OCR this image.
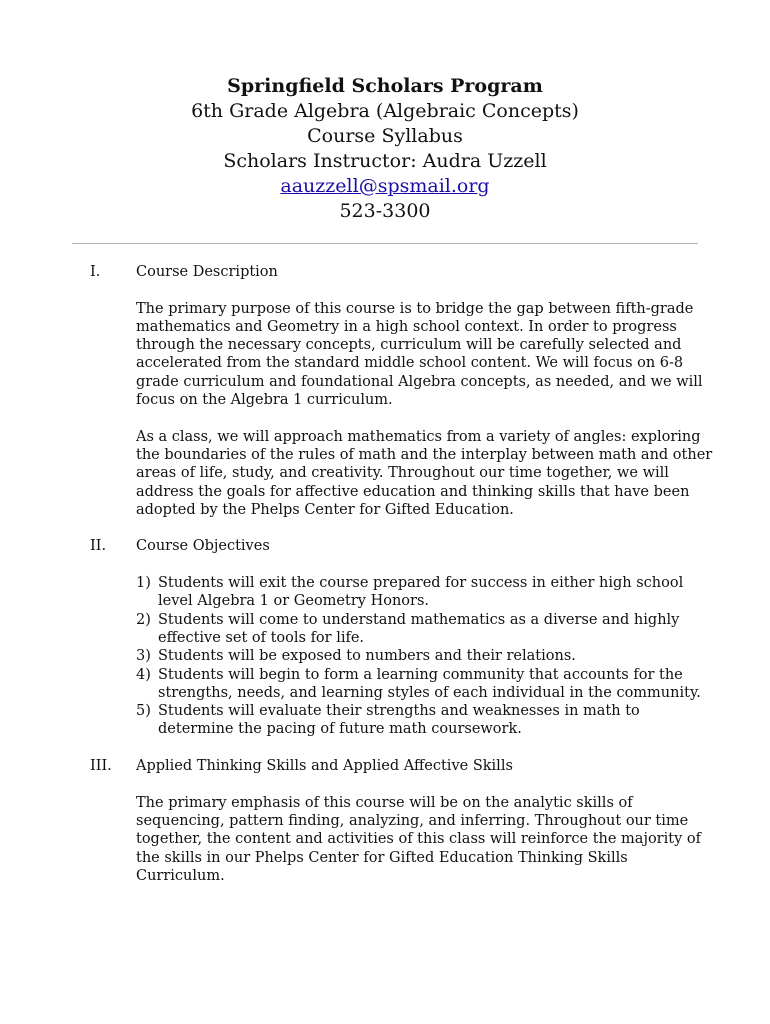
Springfield Scholars Program
6th Grade Algebra (Algebraic Concepts)
Course Syllabus
Scholars Instructor: Audra Uzzell
aauzzell@spsmail.org
523-3300
I. Course Description
The primary purpose of this course is to bridge the gap between fifth-grade
mathematics and Geometry in a high school context. In order to progress
through the necessary concepts, curriculum will be carefully selected and
accelerated from the standard middle school content. We will focus on 6-8
grade curriculum and foundational Algebra concepts, as needed, and we will
focus on the Algebra 1 curriculum.
As a class, we will approach mathematics from a variety of angles: exploring
the boundaries of the rules of math and the interplay between math and other
areas of life, study, and creativity. Throughout our time together, we will
address the goals for affective education and thinking skills that have been
adopted by the Phelps Center for Gifted Education.
II. Course Objectives
1) Students will exit the course prepared for success in either high school
level Algebra 1 or Geometry Honors.
2) Students will come to understand mathematics as a diverse and highly
effective set of tools for life.
3) Students will be exposed to numbers and their relations.
4) Students will begin to form a learning community that accounts for the
strengths, needs, and learning styles of each individual in the community.
5) Students will evaluate their strengths and weaknesses in math to
determine the pacing of future math coursework.
III. Applied Thinking Skills and Applied Affective Skills
The primary emphasis of this course will be on the analytic skills of
sequencing, pattern finding, analyzing, and inferring. Throughout our time
together, the content and activities of this class will reinforce the majority of
the skills in our Phelps Center for Gifted Education Thinking Skills
Curriculum.
